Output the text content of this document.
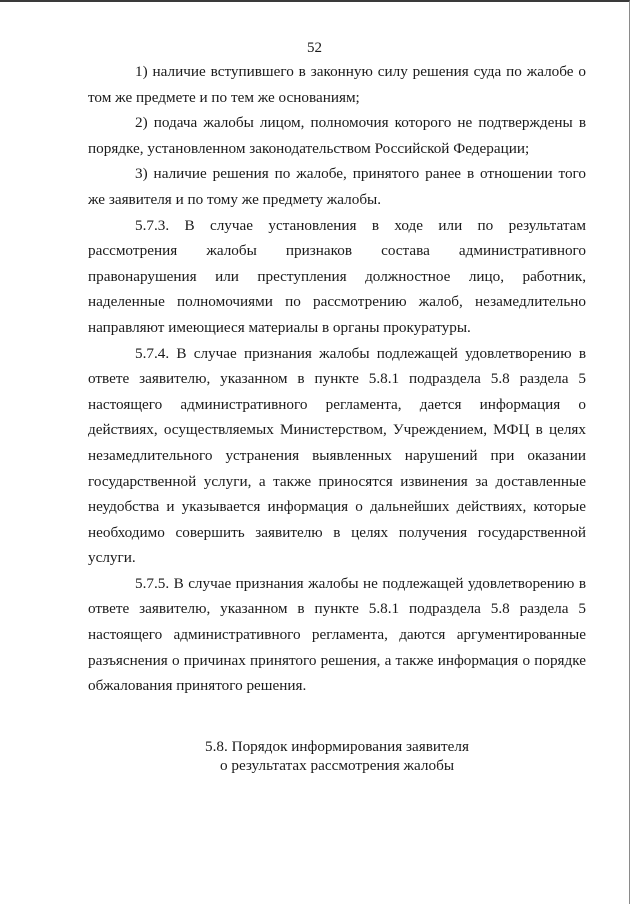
52

1) наличие вступившего в законную силу решения суда по жалобе о том же предмете и по тем же основаниям;

2) подача жалобы лицом, полномочия которого не подтверждены в порядке, установленном законодательством Российской Федерации;

3) наличие решения по жалобе, принятого ранее в отношении того же заявителя и по тому же предмету жалобы.

5.7.3. В случае установления в ходе или по результатам рассмотрения жалобы признаков состава административного правонарушения или преступления должностное лицо, работник, наделенные полномочиями по рассмотрению жалоб, незамедлительно направляют имеющиеся материалы в органы прокуратуры.

5.7.4. В случае признания жалобы подлежащей удовлетворению в ответе заявителю, указанном в пункте 5.8.1 подраздела 5.8 раздела 5 настоящего административного регламента, дается информация о действиях, осуществляемых Министерством, Учреждением, МФЦ в целях незамедлительного устранения выявленных нарушений при оказании государственной услуги, а также приносятся извинения за доставленные неудобства и указывается информация о дальнейших действиях, которые необходимо совершить заявителю в целях получения государственной услуги.

5.7.5. В случае признания жалобы не подлежащей удовлетворению в ответе заявителю, указанном в пункте 5.8.1 подраздела 5.8 раздела 5 настоящего административного регламента, даются аргументированные разъяснения о причинах принятого решения, а также информация о порядке обжалования принятого решения.

5.8. Порядок информирования заявителя
о результатах рассмотрения жалобы
